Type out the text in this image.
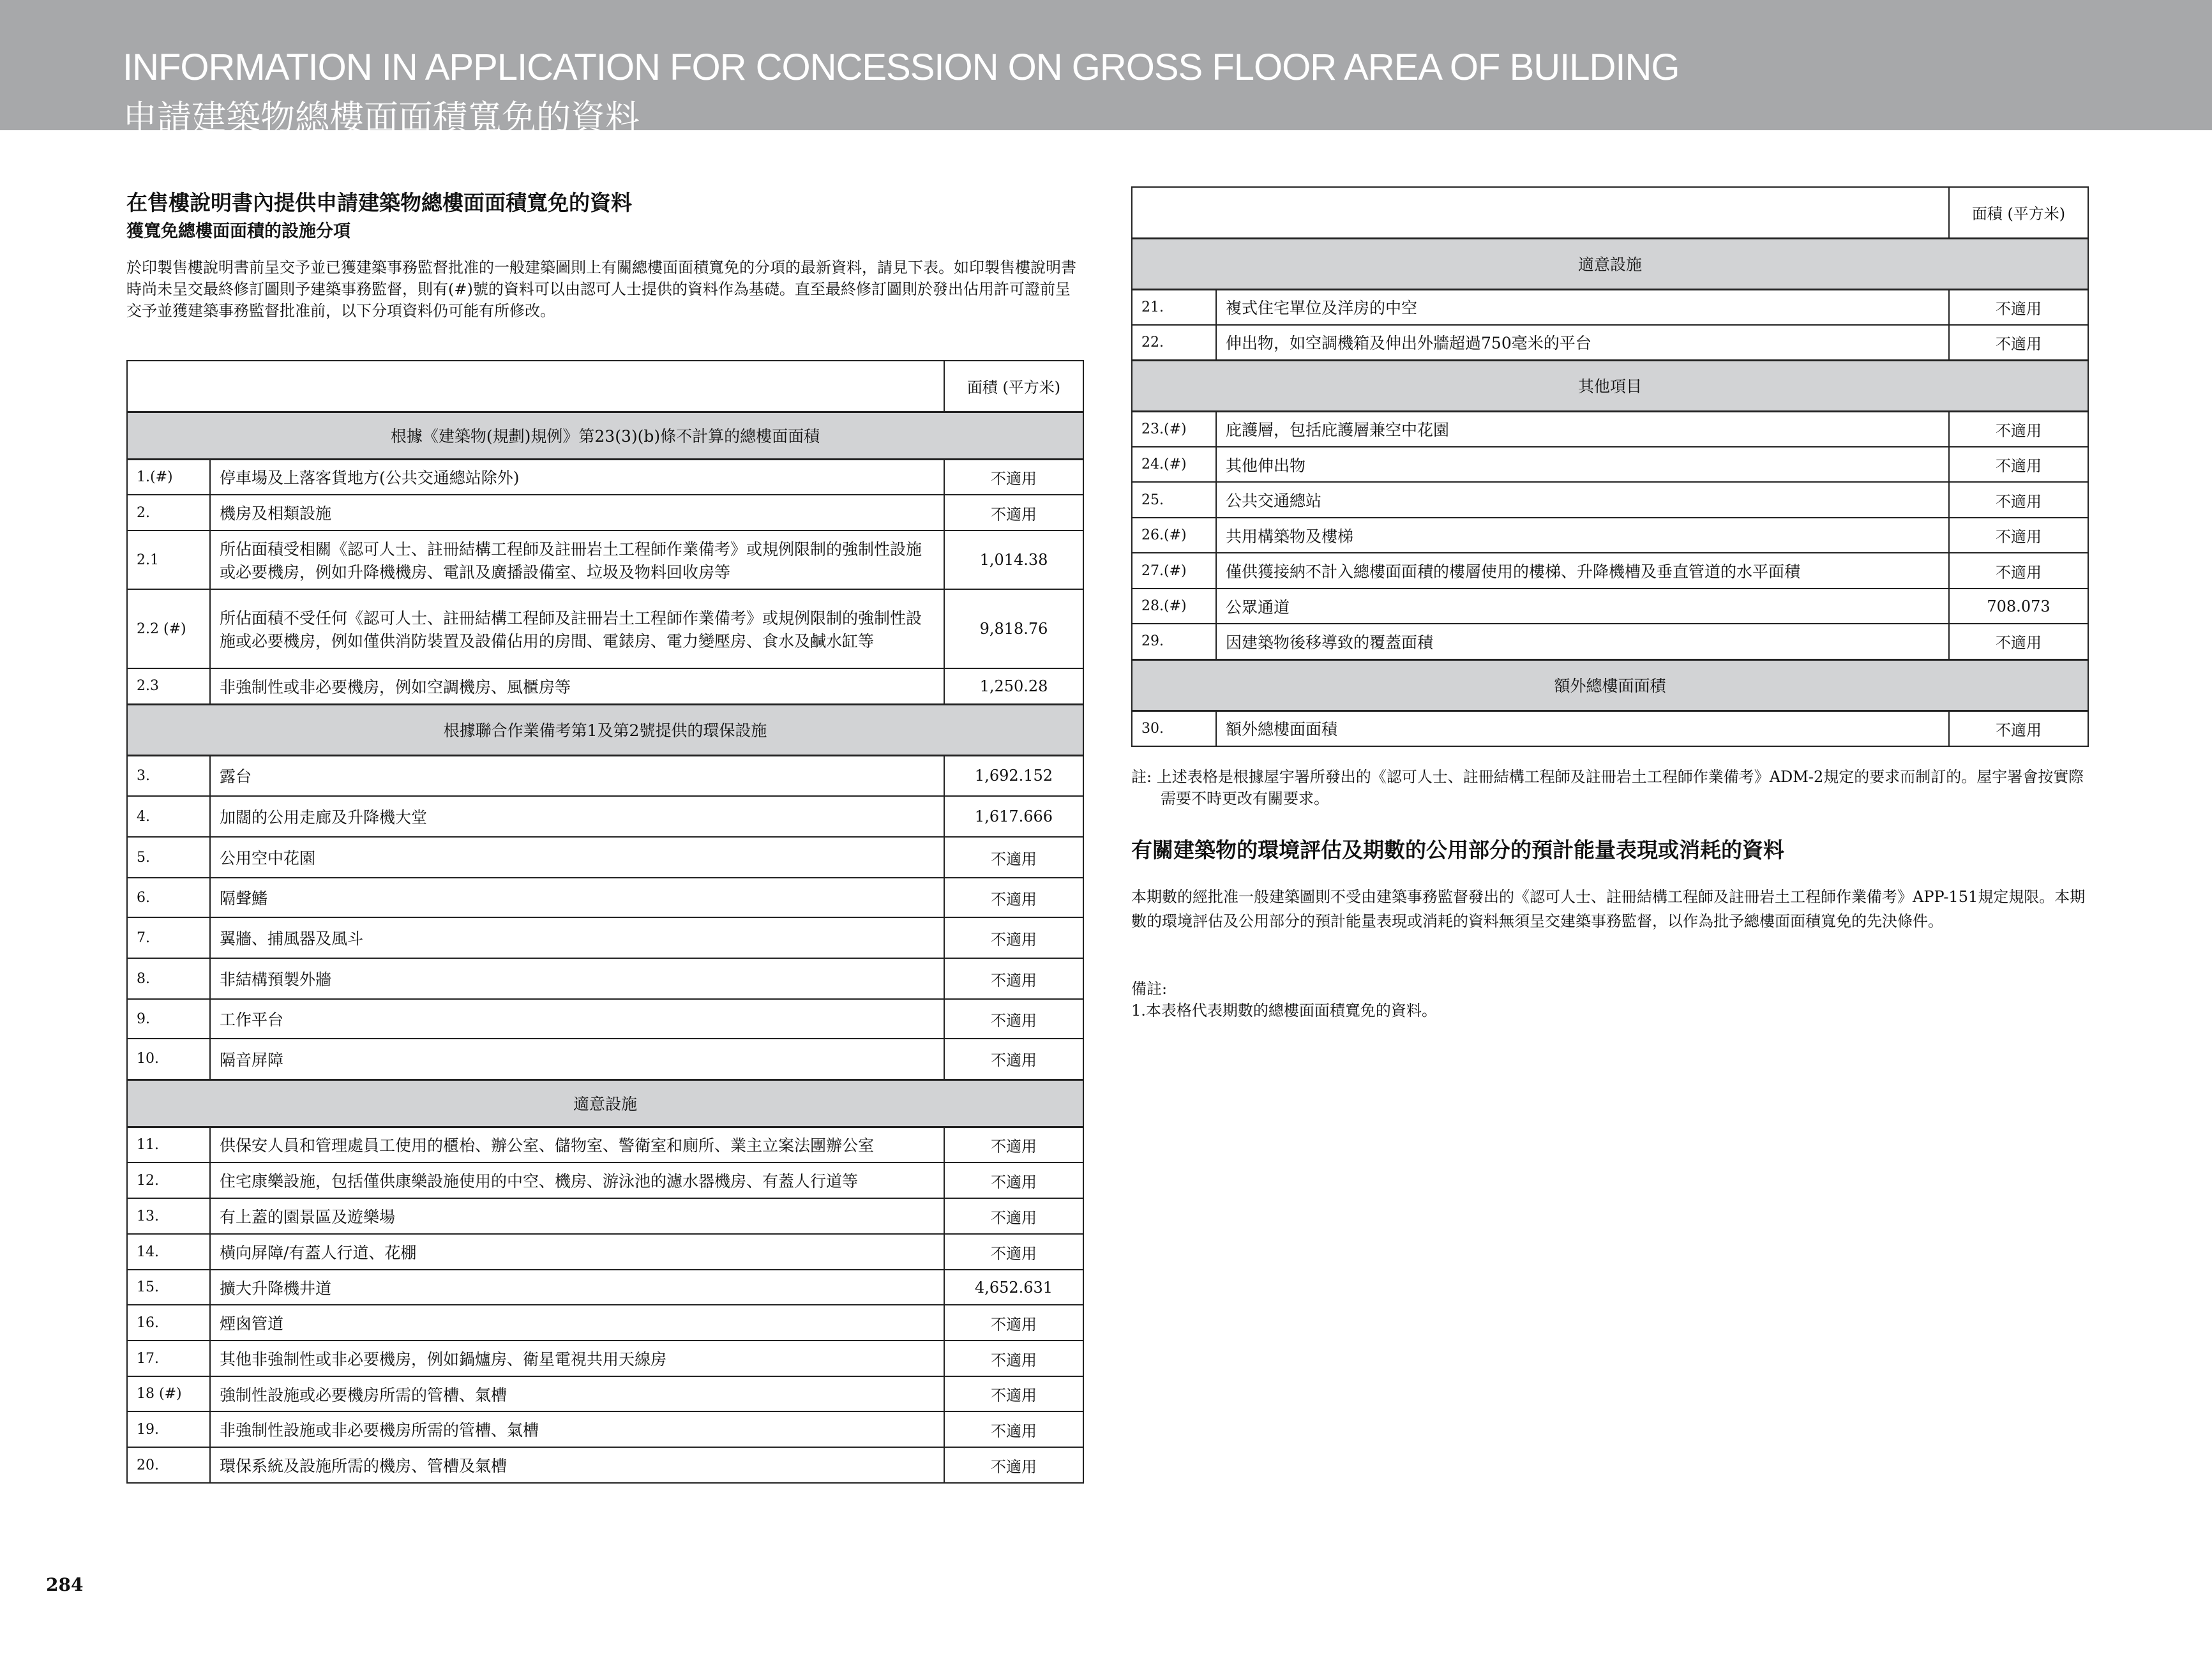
INFORMATION IN APPLICATION FOR CONCESSION ON GROSS FLOOR AREA OF BUILDING
申請建築物總樓面面積寬免的資料
在售樓說明書內提供申請建築物總樓面面積寬免的資料
獲寬免總樓面面積的設施分項
於印製售樓說明書前呈交予並已獲建築事務監督批准的一般建築圖則上有關總樓面面積寬免的分項的最新資料，請見下表。如印製售樓說明書時尚未呈交最終修訂圖則予建築事務監督，則有(#)號的資料可以由認可人士提供的資料作為基礎。直至最終修訂圖則於發出佔用許可證前呈交予並獲建築事務監督批准前，以下分項資料仍可能有所修改。
		面積 (平方米)
根據《建築物(規劃)規例》第23(3)(b)條不計算的總樓面面積		
1.(#)	停車場及上落客貨地方(公共交通總站除外)	不適用
2.	機房及相類設施	不適用
2.1	所佔面積受相關《認可人士、註冊結構工程師及註冊岩土工程師作業備考》或規例限制的強制性設施或必要機房，例如升降機機房、電訊及廣播設備室、垃圾及物料回收房等	1,014.38
2.2 (#)	所佔面積不受任何《認可人士、註冊結構工程師及註冊岩土工程師作業備考》或規例限制的強制性設施或必要機房，例如僅供消防裝置及設備佔用的房間、電錶房、電力變壓房、食水及鹹水缸等	9,818.76
2.3	非強制性或非必要機房，例如空調機房、風櫃房等	1,250.28
根據聯合作業備考第1及第2號提供的環保設施		
3.	露台	1,692.152
4.	加闊的公用走廊及升降機大堂	1,617.666
5.	公用空中花園	不適用
6.	隔聲鰭	不適用
7.	翼牆、捕風器及風斗	不適用
8.	非結構預製外牆	不適用
9.	工作平台	不適用
10.	隔音屏障	不適用
適意設施		
11.	供保安人員和管理處員工使用的櫃枱、辦公室、儲物室、警衛室和廁所、業主立案法團辦公室	不適用
12.	住宅康樂設施，包括僅供康樂設施使用的中空、機房、游泳池的濾水器機房、有蓋人行道等	不適用
13.	有上蓋的園景區及遊樂場	不適用
14.	橫向屏障/有蓋人行道、花棚	不適用
15.	擴大升降機井道	4,652.631
16.	煙囪管道	不適用
17.	其他非強制性或非必要機房，例如鍋爐房、衛星電視共用天線房	不適用
18 (#)	強制性設施或必要機房所需的管槽、氣槽	不適用
19.	非強制性設施或非必要機房所需的管槽、氣槽	不適用
20.	環保系統及設施所需的機房、管槽及氣槽	不適用
		面積 (平方米)
適意設施		
21.	複式住宅單位及洋房的中空	不適用
22.	伸出物，如空調機箱及伸出外牆超過750毫米的平台	不適用
其他項目		
23.(#)	庇護層，包括庇護層兼空中花園	不適用
24.(#)	其他伸出物	不適用
25.	公共交通總站	不適用
26.(#)	共用構築物及樓梯	不適用
27.(#)	僅供獲接納不計入總樓面面積的樓層使用的樓梯、升降機槽及垂直管道的水平面積	不適用
28.(#)	公眾通道	708.073
29.	因建築物後移導致的覆蓋面積	不適用
額外總樓面面積		
30.	額外總樓面面積	不適用
註: 上述表格是根據屋宇署所發出的《認可人士、註冊結構工程師及註冊岩土工程師作業備考》ADM-2規定的要求而制訂的。屋宇署會按實際需要不時更改有關要求。
有關建築物的環境評估及期數的公用部分的預計能量表現或消耗的資料
本期數的經批准一般建築圖則不受由建築事務監督發出的《認可人士、註冊結構工程師及註冊岩土工程師作業備考》APP-151規定規限。本期數的環境評估及公用部分的預計能量表現或消耗的資料無須呈交建築事務監督，以作為批予總樓面面積寬免的先決條件。
備註:
1.本表格代表期數的總樓面面積寬免的資料。
284
